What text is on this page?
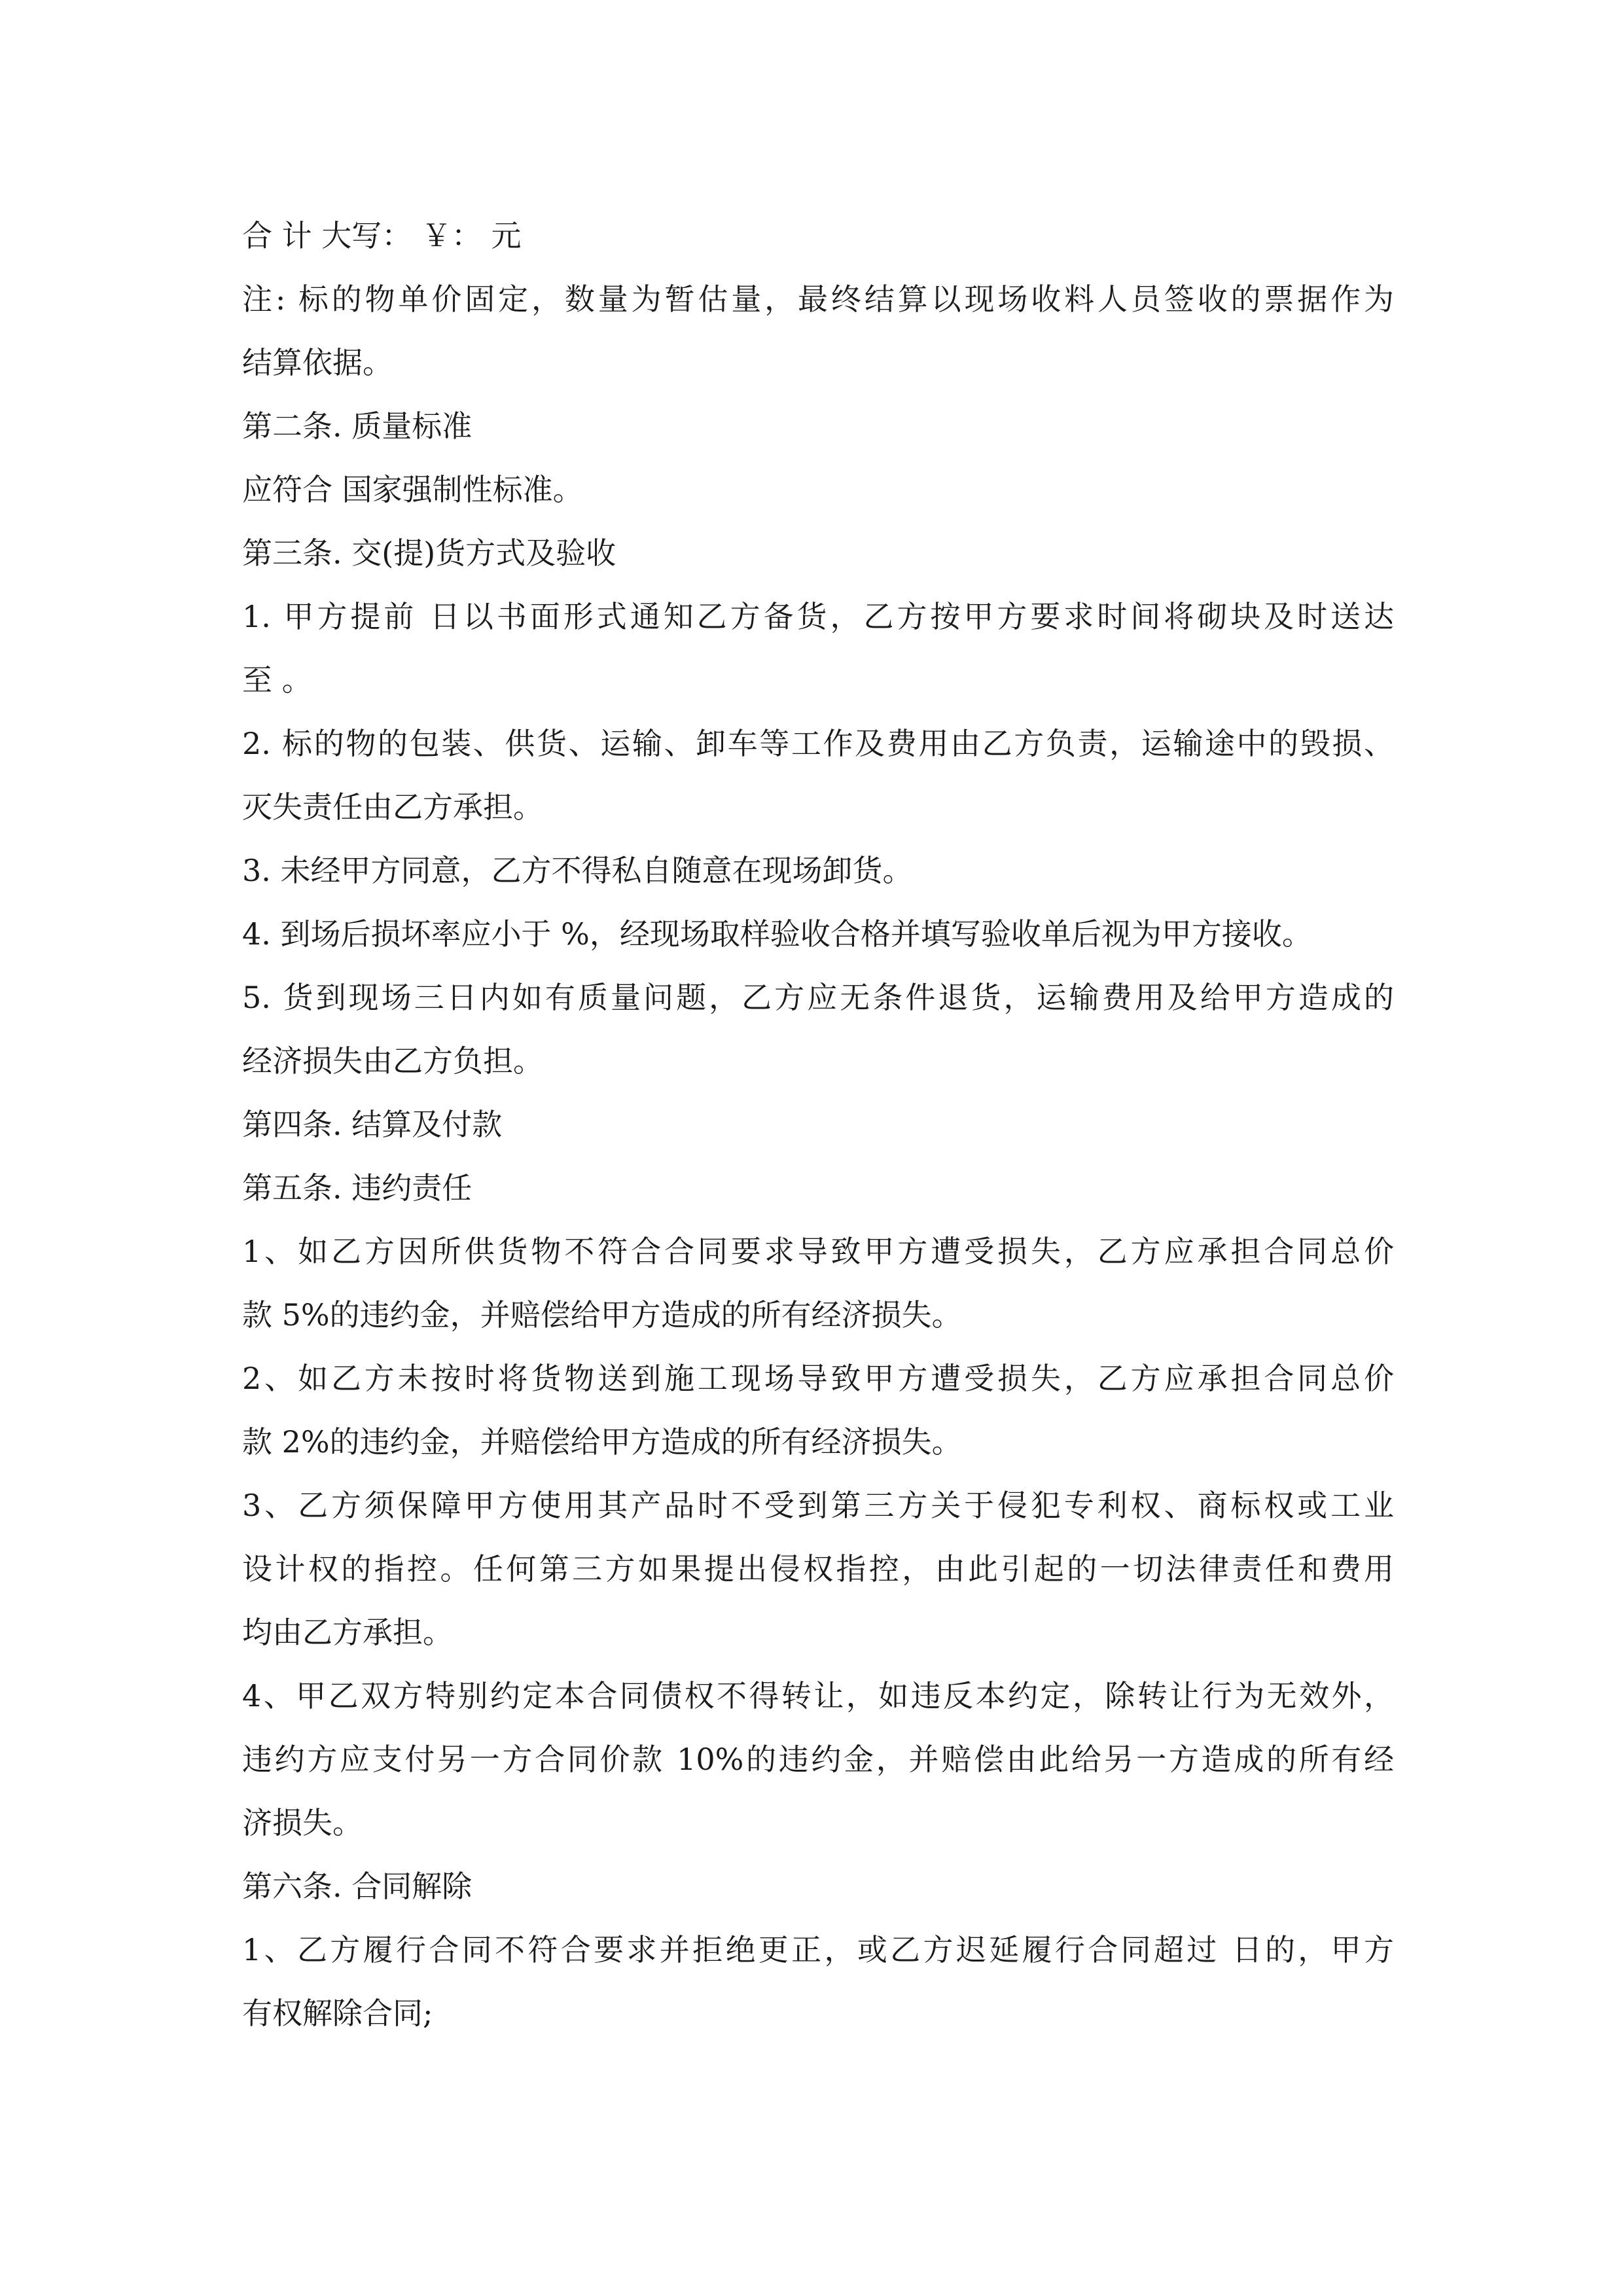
合 计 大写： ￥： 元
注: 标的物单价固定，数量为暂估量，最终结算以现场收料人员签收的票据作为
结算依据。
第二条. 质量标准
应符合 国家强制性标准。
第三条. 交(提)货方式及验收
1. 甲方提前 日以书面形式通知乙方备货，乙方按甲方要求时间将砌块及时送达
至 。
2. 标的物的包装、供货、运输、卸车等工作及费用由乙方负责，运输途中的毁损、
灭失责任由乙方承担。
3. 未经甲方同意，乙方不得私自随意在现场卸货。
4. 到场后损坏率应小于 %，经现场取样验收合格并填写验收单后视为甲方接收。
5. 货到现场三日内如有质量问题，乙方应无条件退货，运输费用及给甲方造成的
经济损失由乙方负担。
第四条. 结算及付款
第五条. 违约责任
1、如乙方因所供货物不符合合同要求导致甲方遭受损失，乙方应承担合同总价
款 5%的违约金，并赔偿给甲方造成的所有经济损失。
2、如乙方未按时将货物送到施工现场导致甲方遭受损失，乙方应承担合同总价
款 2%的违约金，并赔偿给甲方造成的所有经济损失。
3、乙方须保障甲方使用其产品时不受到第三方关于侵犯专利权、商标权或工业
设计权的指控。任何第三方如果提出侵权指控，由此引起的一切法律责任和费用
均由乙方承担。
4、甲乙双方特别约定本合同债权不得转让，如违反本约定，除转让行为无效外，
违约方应支付另一方合同价款 10%的违约金，并赔偿由此给另一方造成的所有经
济损失。
第六条. 合同解除
1、乙方履行合同不符合要求并拒绝更正，或乙方迟延履行合同超过 日的，甲方
有权解除合同;
